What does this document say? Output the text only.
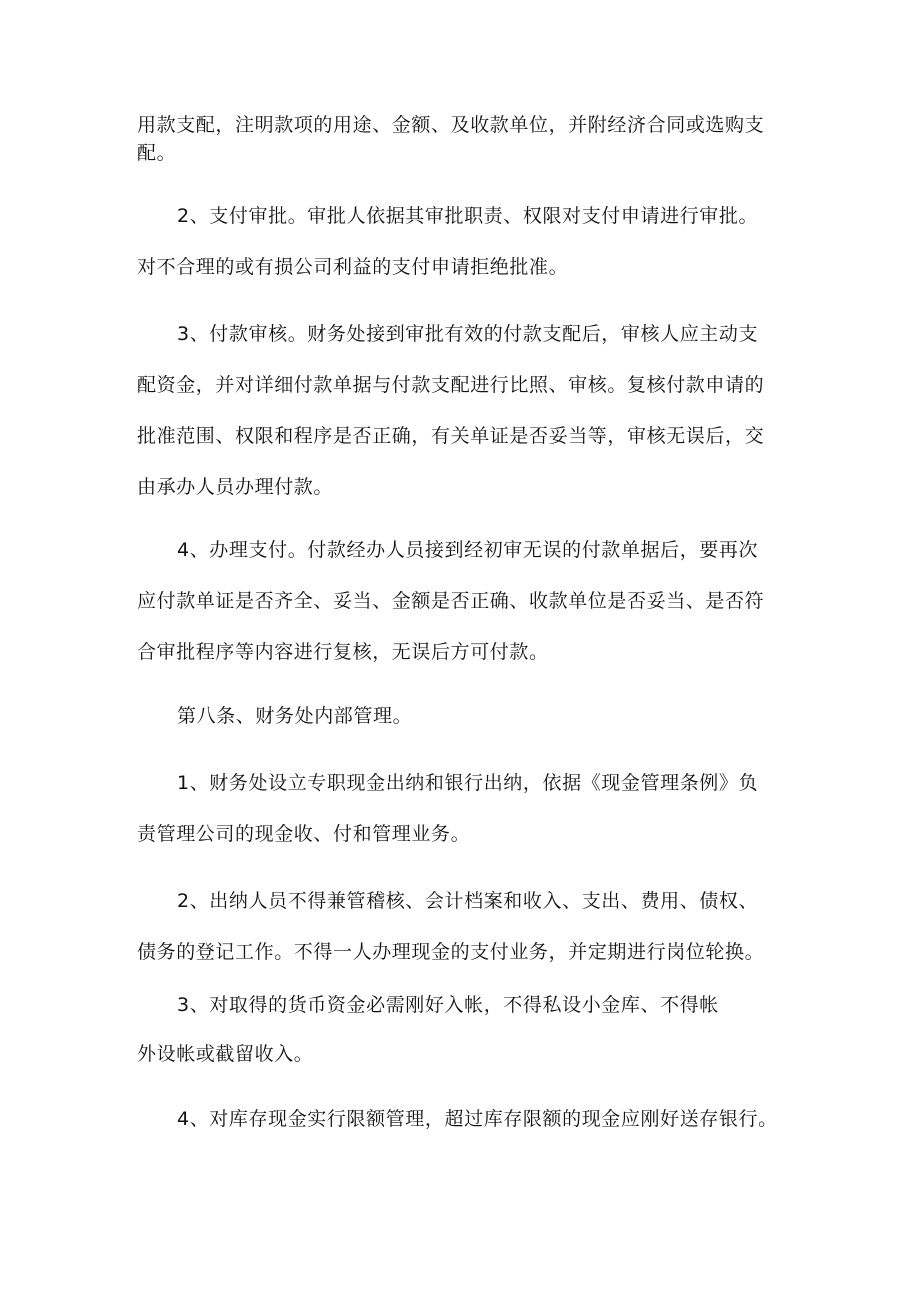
用款支配，注明款项的用途、金额、及收款单位，并附经济合同或选购支
配。
2、支付审批。审批人依据其审批职责、权限对支付申请进行审批。
对不合理的或有损公司利益的支付申请拒绝批准。
3、付款审核。财务处接到审批有效的付款支配后，审核人应主动支
配资金，并对详细付款单据与付款支配进行比照、审核。复核付款申请的
批准范围、权限和程序是否正确，有关单证是否妥当等，审核无误后，交
由承办人员办理付款。
4、办理支付。付款经办人员接到经初审无误的付款单据后，要再次
应付款单证是否齐全、妥当、金额是否正确、收款单位是否妥当、是否符
合审批程序等内容进行复核，无误后方可付款。
第八条、财务处内部管理。
1、财务处设立专职现金出纳和银行出纳，依据《现金管理条例》负
责管理公司的现金收、付和管理业务。
2、出纳人员不得兼管稽核、会计档案和收入、支出、费用、债权、
债务的登记工作。不得一人办理现金的支付业务，并定期进行岗位轮换。
3、对取得的货币资金必需刚好入帐，不得私设小金库、不得帐
外设帐或截留收入。
4、对库存现金实行限额管理，超过库存限额的现金应刚好送存银行。
